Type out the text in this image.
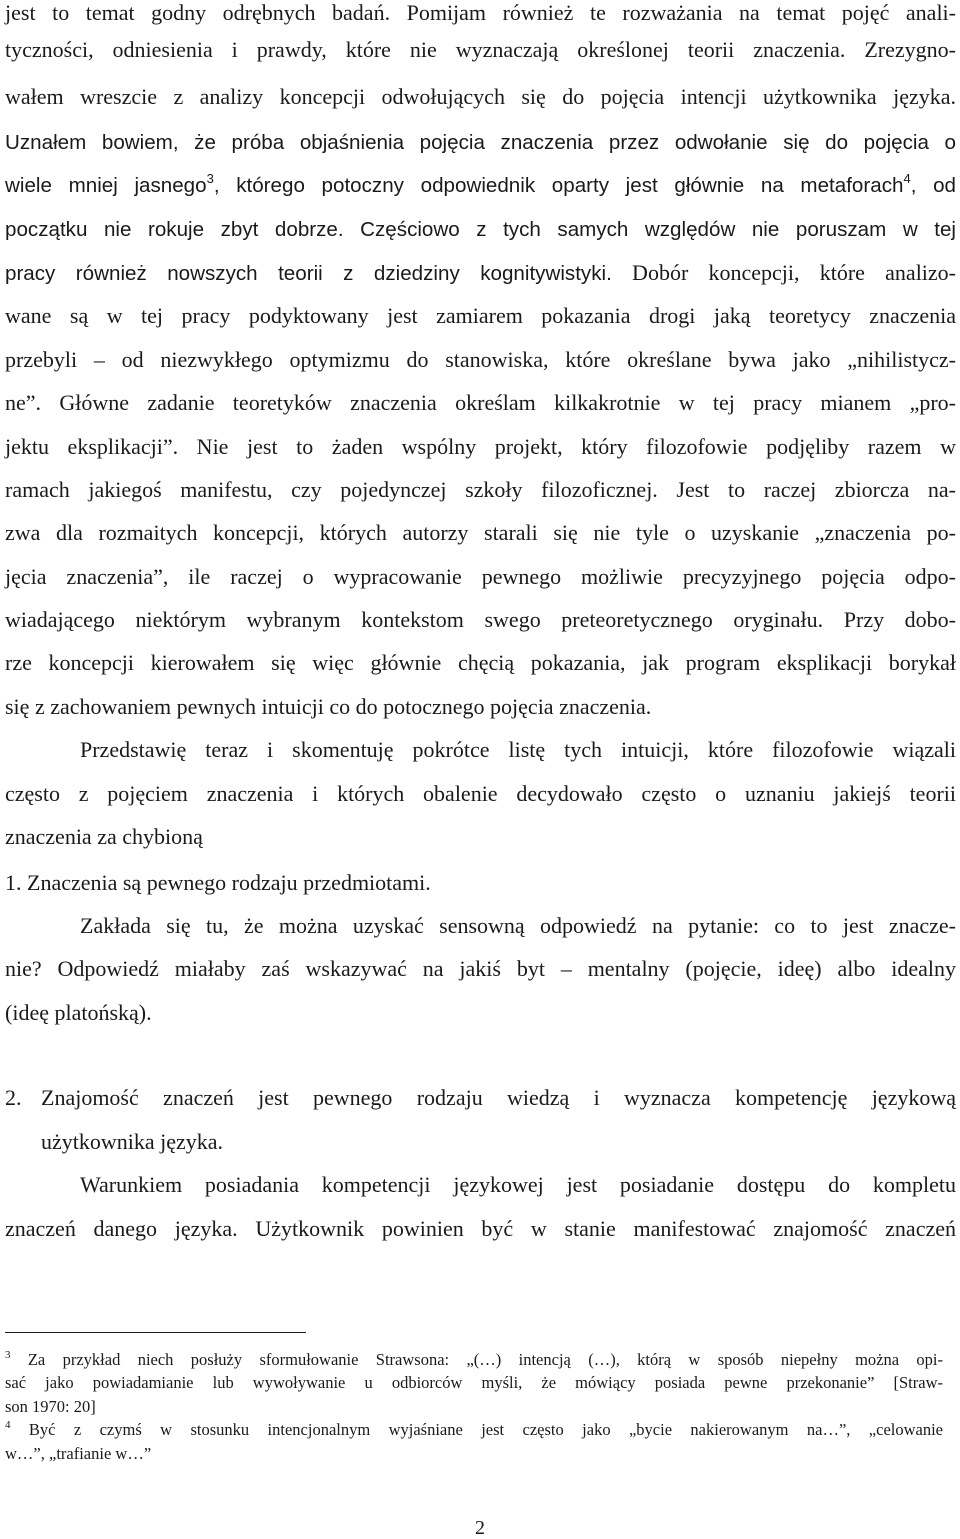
jest to temat godny odrębnych badań. Pomijam również te rozważania na temat pojęć anali-
tyczności, odniesienia i prawdy, które nie wyznaczają określonej teorii znaczenia. Zrezygno-
wałem wreszcie z analizy koncepcji odwołujących się do pojęcia intencji użytkownika języka.
Uznałem bowiem, że próba objaśnienia pojęcia znaczenia przez odwołanie się do pojęcia o
wiele mniej jasnego$^3$, którego potoczny odpowiednik oparty jest głównie na metaforach$^4$, od
początku nie rokuje zbyt dobrze. Częściowo z tych samych względów nie poruszam w tej
pracy również nowszych teorii z dziedziny kognitywistyki. Dobór koncepcji, które analizo-
wane są w tej pracy podyktowany jest zamiarem pokazania drogi jaką teoretycy znaczenia
przebyli – od niezwykłego optymizmu do stanowiska, które określane bywa jako „nihilistycz-
ne”. Główne zadanie teoretyków znaczenia określam kilkakrotnie w tej pracy mianem „pro-
jektu eksplikacji”. Nie jest to żaden wspólny projekt, który filozofowie podjęliby razem w
ramach jakiegoś manifestu, czy pojedynczej szkoły filozoficznej. Jest to raczej zbiorcza na-
zwa dla rozmaitych koncepcji, których autorzy starali się nie tyle o uzyskanie „znaczenia po-
jęcia znaczenia”, ile raczej o wypracowanie pewnego możliwie precyzyjnego pojęcia odpo-
wiadającego niektórym wybranym kontekstom swego preteoretycznego oryginału. Przy dobo-
rze koncepcji kierowałem się więc głównie chęcią pokazania, jak program eksplikacji borykał
się z zachowaniem pewnych intuicji co do potocznego pojęcia znaczenia.
Przedstawię teraz i skomentuję pokrótce listę tych intuicji, które filozofowie wiązali
często z pojęciem znaczenia i których obalenie decydowało często o uznaniu jakiejś teorii
znaczenia za chybioną
1. Znaczenia są pewnego rodzaju przedmiotami.
Zakłada się tu, że można uzyskać sensowną odpowiedź na pytanie: co to jest znacze-
nie? Odpowiedź miałaby zaś wskazywać na jakiś byt – mentalny (pojęcie, ideę) albo idealny
(ideę platońską).
2. Znajomość znaczeń jest pewnego rodzaju wiedzą i wyznacza kompetencję językową
użytkownika języka.
Warunkiem posiadania kompetencji językowej jest posiadanie dostępu do kompletu
znaczeń danego języka. Użytkownik powinien być w stanie manifestować znajomość znaczeń
$^3$ Za przykład niech posłuży sformułowanie Strawsona: „(…) intencją (…), którą w sposób niepełny można opi-
sać jako powiadamianie lub wywoływanie u odbiorców myśli, że mówiący posiada pewne przekonanie” [Straw-
son 1970: 20]
$^4$ Być z czymś w stosunku intencjonalnym wyjaśniane jest często jako „bycie nakierowanym na…”, „celowanie
w…”, „trafianie w…”
2
